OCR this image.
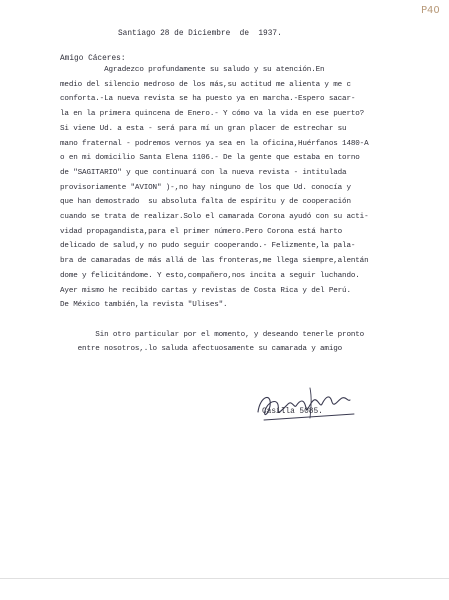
P40
Santiago 28 de Diciembre  de  1937.
Amigo Cáceres:
Agradezco profundamente su saludo y su atención.En
medio del silencio medroso de los más,su actitud me alienta y me c
conforta.-La nueva revista se ha puesto ya en marcha.-Espero sacar-
la en la primera quincena de Enero.- Y cómo va la vida en ese puerto?
Si viene Ud. a esta - será para mí un gran placer de estrechar su
mano fraternal - podremos vernos ya sea en la oficina,Huérfanos 1480-A
o en mi domicilio Santa Elena 1106.- De la gente que estaba en torno
de "SAGITARIO" y que continuará con la nueva revista - intitulada
provisoriamente "AVION" )-,no hay ninguno de los que Ud. conocía y
que han demostrado  su absoluta falta de espíritu y de cooperación
cuando se trata de realizar.Solo el camarada Corona ayudó con su acti-
vidad propagandista,para el primer número.Pero Corona está harto
delicado de salud,y no pudo seguir cooperando.- Felizmente,la pala-
bra de camaradas de más allá de las fronteras,me llega siempre,alentán
dome y felicitándome. Y esto,compañero,nos incita a seguir luchando.
Ayer mismo he recibido cartas y revistas de Costa Rica y del Perú.
De México también,la revista "Ulises".
Sin otro particular por el momento, y deseando tenerle pronto
entre nosotros,.lo saluda afectuosamente su camarada y amigo
Casilla 5085.
